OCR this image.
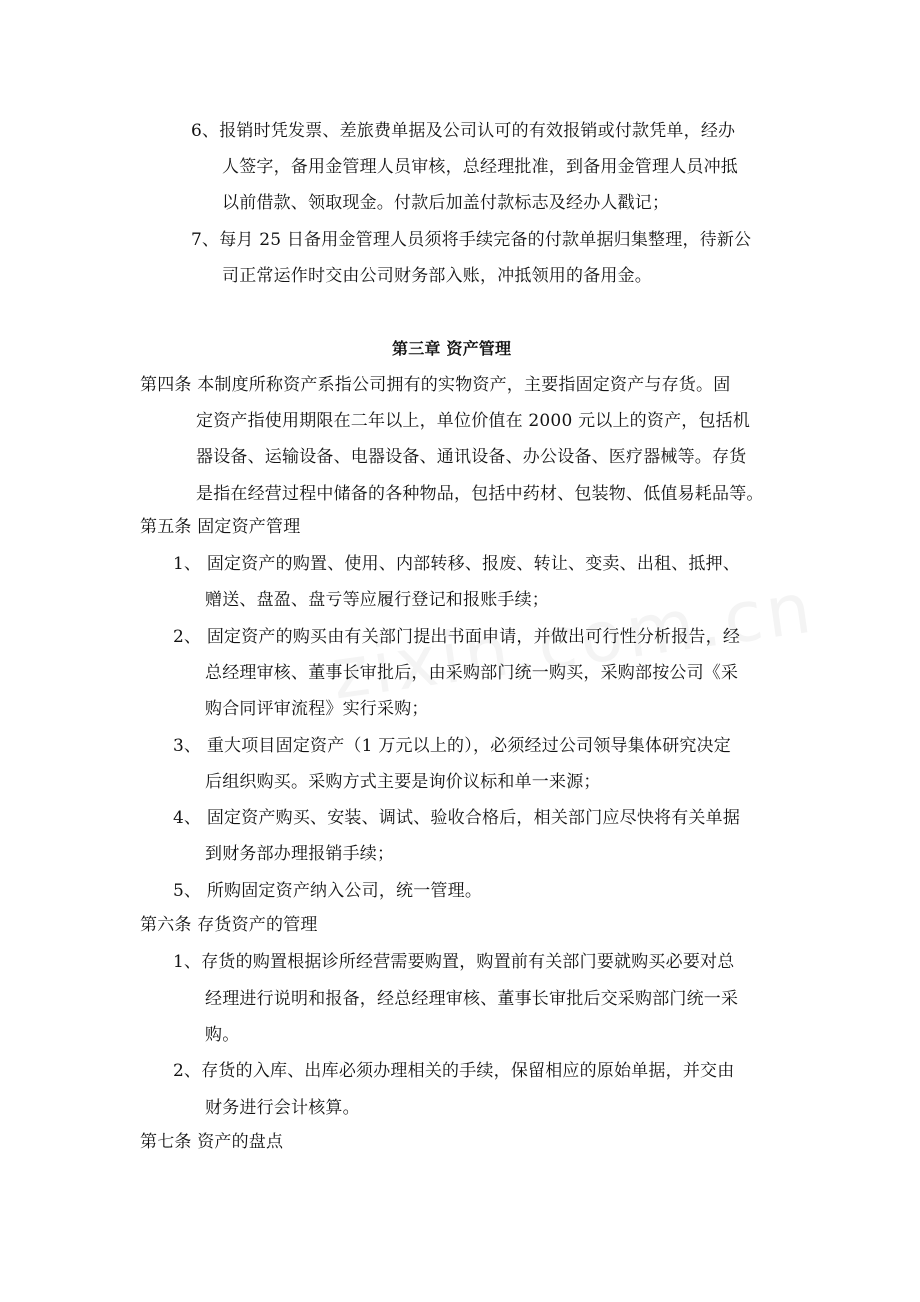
6、报销时凭发票、差旅费单据及公司认可的有效报销或付款凭单，经办
人签字，备用金管理人员审核，总经理批准，到备用金管理人员冲抵
以前借款、领取现金。付款后加盖付款标志及经办人戳记；
7、每月 25 日备用金管理人员须将手续完备的付款单据归集整理，待新公
司正常运作时交由公司财务部入账，冲抵领用的备用金。
第三章 资产管理
第四条 本制度所称资产系指公司拥有的实物资产，主要指固定资产与存货。固
定资产指使用期限在二年以上，单位价值在 2000 元以上的资产，包括机
器设备、运输设备、电器设备、通讯设备、办公设备、医疗器械等。存货
是指在经营过程中储备的各种物品，包括中药材、包装物、低值易耗品等。
第五条 固定资产管理
1、 固定资产的购置、使用、内部转移、报废、转让、变卖、出租、抵押、
赠送、盘盈、盘亏等应履行登记和报账手续；
2、 固定资产的购买由有关部门提出书面申请，并做出可行性分析报告，经
总经理审核、董事长审批后，由采购部门统一购买，采购部按公司《采
购合同评审流程》实行采购；
3、 重大项目固定资产（1 万元以上的），必须经过公司领导集体研究决定
后组织购买。采购方式主要是询价议标和单一来源；
4、 固定资产购买、安装、调试、验收合格后，相关部门应尽快将有关单据
到财务部办理报销手续；
5、 所购固定资产纳入公司，统一管理。
第六条 存货资产的管理
1、存货的购置根据诊所经营需要购置，购置前有关部门要就购买必要对总
经理进行说明和报备，经总经理审核、董事长审批后交采购部门统一采
购。
2、存货的入库、出库必须办理相关的手续，保留相应的原始单据，并交由
财务进行会计核算。
第七条 资产的盘点
